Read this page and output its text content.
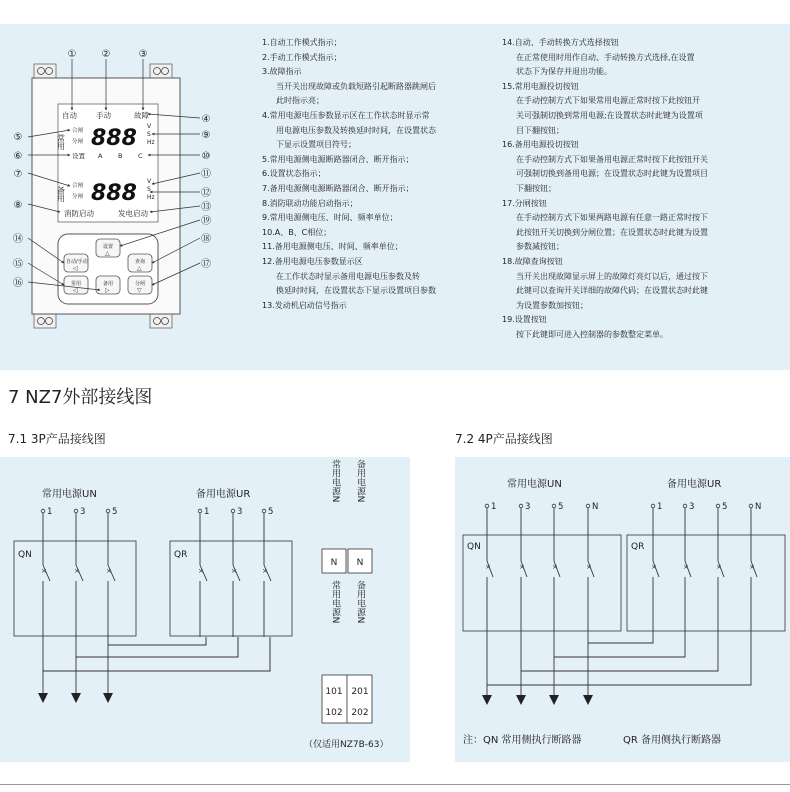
自动	手动	故障
常用
备用
合闸
分闸
合闸
分闸
888
888
V
S
Hz
V
S
Hz
设置 A B C
消防启动	发电启动
设置
自动/手动	查询
常用	备用	分闸
△
◁	△
◁	▷	▽
①	②	③
④
⑤	⑨
⑥	⑩
⑦	⑪
⑫
⑧	⑬
⑲
⑭	⑱
⑮	⑰
⑯
1.自动工作模式指示；
2.手动工作模式指示；
3.故障指示
当开关出现故障或负载短路引起断路器跳闸后
此时指示亮；
4.常用电源电压参数显示区在工作状态时显示常
用电源电压参数及转换延时时间，在设置状态
下显示设置项目符号；
5.常用电源侧电源断路器闭合、断开指示；
6.设置状态指示；
7.备用电源侧电源断路器闭合、断开指示；
8.消防联动功能启动指示；
9.常用电源侧电压、时间、频率单位；
10.A、B、C相位；
11.备用电源侧电压、时间、频率单位；
12.备用电源电压参数显示区
在工作状态时显示备用电源电压参数及转
换延时时间，在设置状态下显示设置项目参数
13.发动机启动信号指示
14.自动、手动转换方式选择按钮
在正常使用时用作自动、手动转换方式选择,在设置
状态下为保存并退出功能。
15.常用电源投切按钮
在手动控制方式下如果常用电源正常时按下此按钮开
关可强制切换到常用电源;在设置状态时此键为设置项
目下翻按钮；
16.备用电源投切按钮
在手动控制方式下如果备用电源正常时按下此按钮开关
可强制切换到备用电源；在设置状态时此键为设置项目
下翻按钮；
17.分闸按钮
在手动控制方式下如果两路电源有任意一路正常时按下
此按钮开关切换到分闸位置；在设置状态时此键为设置
参数减按钮；
18.故障查询按钮
当开关出现故障显示屏上的故障灯亮灯以后，通过按下
此键可以查询开关详细的故障代码；在设置状态时此键
为设置参数加按钮；
19.设置按钮
按下此键即可进入控制器的参数整定菜单。
7 NZ7外部接线图
7.1 3P产品接线图	7.2 4P产品接线图
常用电源UN	备用电源UR
1	3	5	1	3	5
QN	QR
×	×	×	×	×	×
常用电源N 备用电源N
N N
常用电源N 备用电源N
101
102
201
202
（仅适用NZ7B-63）
常用电源UN	备用电源UR
1	3	5	N	1	3	5	N
QN	QR
×	×	×	×	×	×	×	×
注：QN 常用侧执行断路器	QR 备用侧执行断路器
